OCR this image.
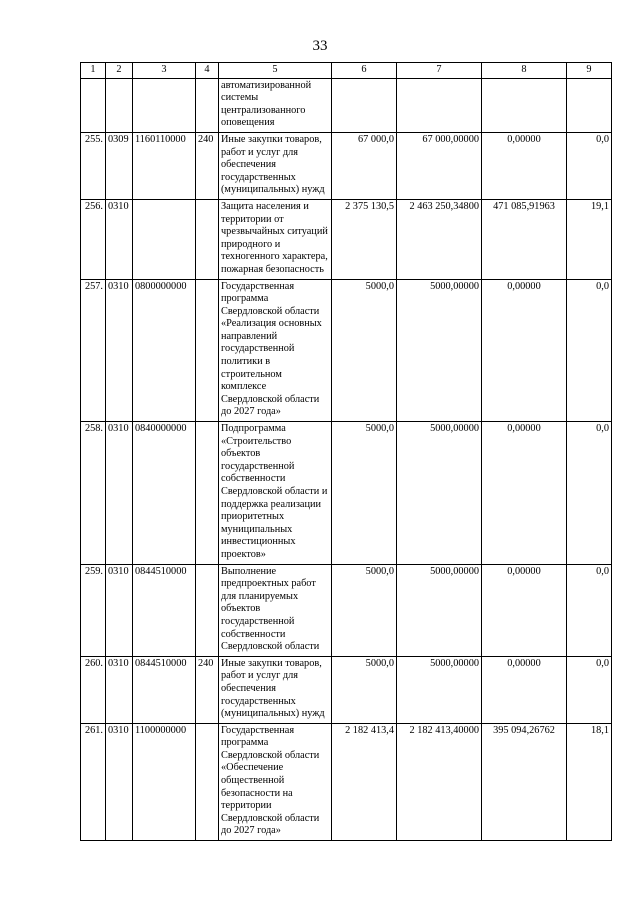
33
1	2	3	4	5	6	7	8	9
				автоматизированной системы централизованного оповещения				
255.	0309	1160110000	240	Иные закупки товаров, работ и услуг для обеспечения государственных (муниципальных) нужд	67 000,0	67 000,00000	0,00000	0,0
256.	0310			Защита населения и территории от чрезвычайных ситуаций природного и техногенного характера, пожарная безопасность	2 375 130,5	2 463 250,34800	471 085,91963	19,1
257.	0310	0800000000		Государственная программа Свердловской области «Реализация основных направлений государственной политики в строительном комплексе Свердловской области до 2027 года»	5000,0	5000,00000	0,00000	0,0
258.	0310	0840000000		Подпрограмма «Строительство объектов государственной собственности Свердловской области и поддержка реализации приоритетных муниципальных инвестиционных проектов»	5000,0	5000,00000	0,00000	0,0
259.	0310	0844510000		Выполнение предпроектных работ для планируемых объектов государственной собственности Свердловской области	5000,0	5000,00000	0,00000	0,0
260.	0310	0844510000	240	Иные закупки товаров, работ и услуг для обеспечения государственных (муниципальных) нужд	5000,0	5000,00000	0,00000	0,0
261.	0310	1100000000		Государственная программа Свердловской области «Обеспечение общественной безопасности на территории Свердловской области до 2027 года»	2 182 413,4	2 182 413,40000	395 094,26762	18,1
